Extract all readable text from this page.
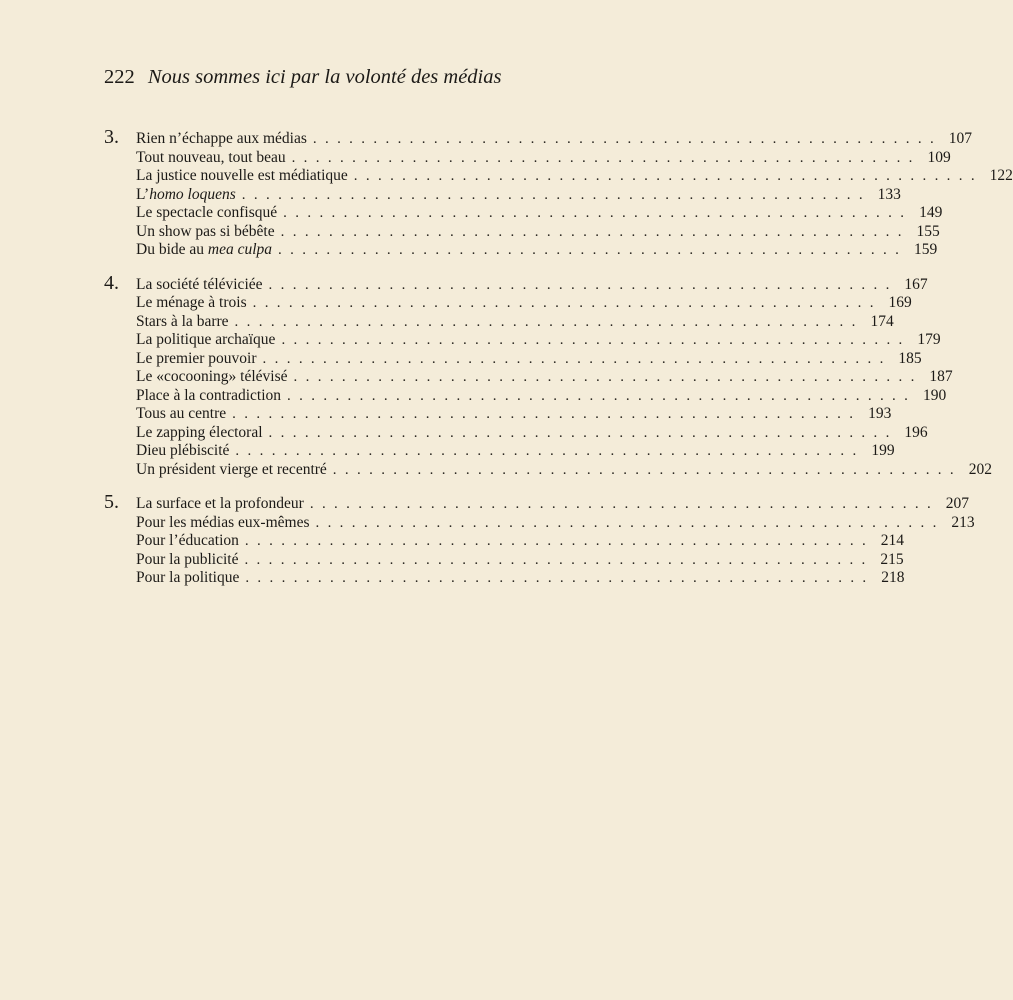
222 Nous sommes ici par la volonté des médias
3. Rien n’échappe aux médias . . . . . . . . . . . . . . . . . . . . . . . . . . . . . . . . . . . . . . . . . . . . . . . . . . . . 107
Tout nouveau, tout beau . . . . . . . . . . . . . . . . . . . . . . . . . . . . . . . . . . . . . . . . . . . . . . . . . . . . 109
La justice nouvelle est médiatique . . . . . . . . . . . . . . . . . . . . . . . . . . . . . . . . . . . . . . . . . . . . . . . . . . . . 122
L’homo loquens . . . . . . . . . . . . . . . . . . . . . . . . . . . . . . . . . . . . . . . . . . . . . . . . . . . . 133
Le spectacle confisqué . . . . . . . . . . . . . . . . . . . . . . . . . . . . . . . . . . . . . . . . . . . . . . . . . . . . 149
Un show pas si bébête . . . . . . . . . . . . . . . . . . . . . . . . . . . . . . . . . . . . . . . . . . . . . . . . . . . . 155
Du bide au mea culpa . . . . . . . . . . . . . . . . . . . . . . . . . . . . . . . . . . . . . . . . . . . . . . . . . . . . 159
4. La société téléviciée . . . . . . . . . . . . . . . . . . . . . . . . . . . . . . . . . . . . . . . . . . . . . . . . . . . . 167
Le ménage à trois . . . . . . . . . . . . . . . . . . . . . . . . . . . . . . . . . . . . . . . . . . . . . . . . . . . . 169
Stars à la barre . . . . . . . . . . . . . . . . . . . . . . . . . . . . . . . . . . . . . . . . . . . . . . . . . . . . 174
La politique archaïque . . . . . . . . . . . . . . . . . . . . . . . . . . . . . . . . . . . . . . . . . . . . . . . . . . . . 179
Le premier pouvoir . . . . . . . . . . . . . . . . . . . . . . . . . . . . . . . . . . . . . . . . . . . . . . . . . . . . 185
Le «cocooning» télévisé . . . . . . . . . . . . . . . . . . . . . . . . . . . . . . . . . . . . . . . . . . . . . . . . . . . . 187
Place à la contradiction . . . . . . . . . . . . . . . . . . . . . . . . . . . . . . . . . . . . . . . . . . . . . . . . . . . . 190
Tous au centre . . . . . . . . . . . . . . . . . . . . . . . . . . . . . . . . . . . . . . . . . . . . . . . . . . . . 193
Le zapping électoral . . . . . . . . . . . . . . . . . . . . . . . . . . . . . . . . . . . . . . . . . . . . . . . . . . . . 196
Dieu plébiscité . . . . . . . . . . . . . . . . . . . . . . . . . . . . . . . . . . . . . . . . . . . . . . . . . . . . 199
Un président vierge et recentré . . . . . . . . . . . . . . . . . . . . . . . . . . . . . . . . . . . . . . . . . . . . . . . . . . . . 202
5. La surface et la profondeur . . . . . . . . . . . . . . . . . . . . . . . . . . . . . . . . . . . . . . . . . . . . . . . . . . . . 207
Pour les médias eux-mêmes . . . . . . . . . . . . . . . . . . . . . . . . . . . . . . . . . . . . . . . . . . . . . . . . . . . . 213
Pour l’éducation . . . . . . . . . . . . . . . . . . . . . . . . . . . . . . . . . . . . . . . . . . . . . . . . . . . . 214
Pour la publicité . . . . . . . . . . . . . . . . . . . . . . . . . . . . . . . . . . . . . . . . . . . . . . . . . . . . 215
Pour la politique . . . . . . . . . . . . . . . . . . . . . . . . . . . . . . . . . . . . . . . . . . . . . . . . . . . . 218
